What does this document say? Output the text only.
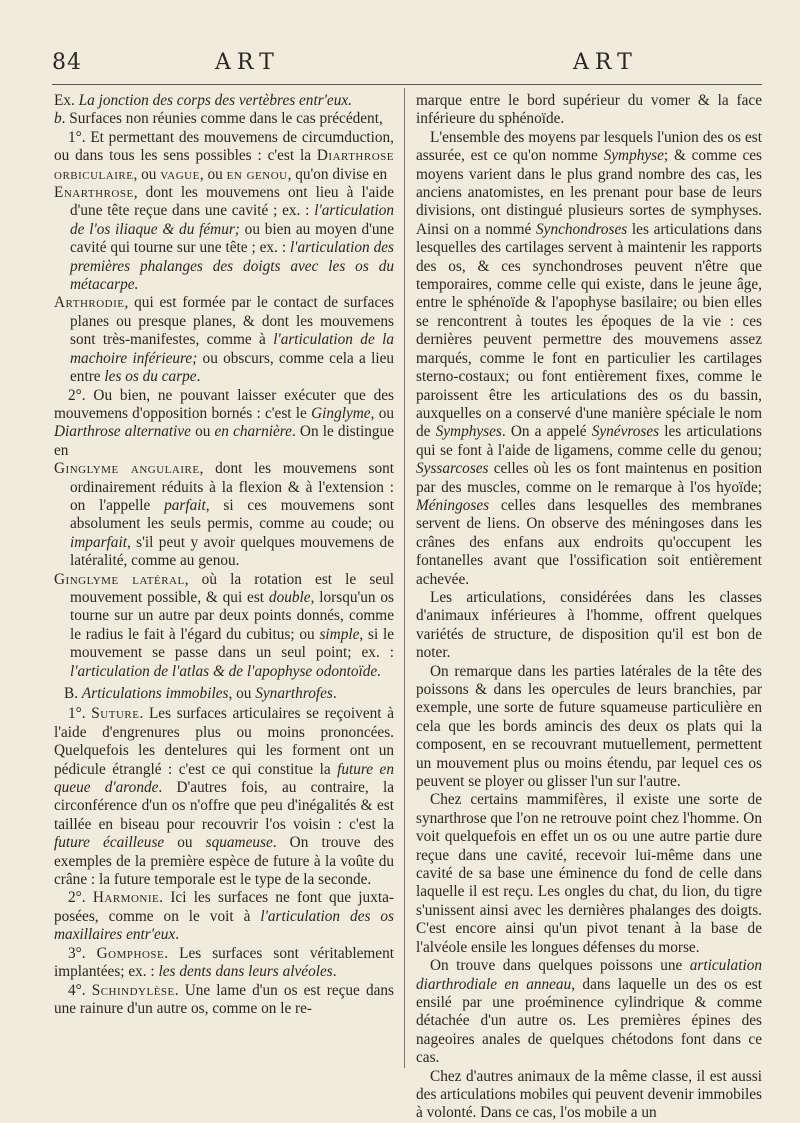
84	ART	ART

Ex. La jonction des corps des vertèbres entr'eux.

b. Surfaces non réunies comme dans le cas précédent,

1°. Et permettant des mouvemens de circumduction, ou dans tous les sens possibles : c'est la Diarthrose orbiculaire, ou vague, ou en genou, qu'on divise en

Enarthrose, dont les mouvemens ont lieu à l'aide d'une tête reçue dans une cavité ; ex. : l'articulation de l'os iliaque & du fémur; ou bien au moyen d'une cavité qui tourne sur une tête ; ex. : l'articulation des premières phalanges des doigts avec les os du métacarpe.

Arthrodie, qui est formée par le contact de surfaces planes ou presque planes, & dont les mouvemens sont très-manifestes, comme à l'articulation de la machoire inférieure; ou obscurs, comme cela a lieu entre les os du carpe.

2°. Ou bien, ne pouvant laisser exécuter que des mouvemens d'opposition bornés : c'est le Ginglyme, ou Diarthrose alternative ou en charnière. On le distingue en

Ginglyme angulaire, dont les mouvemens sont ordinairement réduits à la flexion & à l'extension : on l'appelle parfait, si ces mouvemens sont absolument les seuls permis, comme au coude; ou imparfait, s'il peut y avoir quelques mouvemens de latéralité, comme au genou.

Ginglyme latéral, où la rotation est le seul mouvement possible, & qui est double, lorsqu'un os tourne sur un autre par deux points donnés, comme le radius le fait à l'égard du cubitus; ou simple, si le mouvement se passe dans un seul point; ex. : l'articulation de l'atlas & de l'apophyse odontoïde.

B. Articulations immobiles, ou Synarthrofes.

1°. Suture. Les surfaces articulaires se reçoivent à l'aide d'engrenures plus ou moins prononcées. Quelquefois les dentelures qui les forment ont un pédicule étranglé : c'est ce qui constitue la future en queue d'aronde. D'autres fois, au contraire, la circonférence d'un os n'offre que peu d'inégalités & est taillée en biseau pour recouvrir l'os voisin : c'est la future écailleuse ou squameuse. On trouve des exemples de la première espèce de future à la voûte du crâne : la future temporale est le type de la seconde.

2°. Harmonie. Ici les surfaces ne font que juxta-posées, comme on le voit à l'articulation des os maxillaires entr'eux.

3°. Gomphose. Les surfaces sont véritablement implantées; ex. : les dents dans leurs alvéoles.

4°. Schindylèse. Une lame d'un os est reçue dans une rainure d'un autre os, comme on le re-

marque entre le bord supérieur du vomer & la face inférieure du sphénoïde.

L'ensemble des moyens par lesquels l'union des os est assurée, est ce qu'on nomme Symphyse; & comme ces moyens varient dans le plus grand nombre des cas, les anciens anatomistes, en les prenant pour base de leurs divisions, ont distingué plusieurs sortes de symphyses. Ainsi on a nommé Synchondroses les articulations dans lesquelles des cartilages servent à maintenir les rapports des os, & ces synchondroses peuvent n'être que temporaires, comme celle qui existe, dans le jeune âge, entre le sphénoïde & l'apophyse basilaire; ou bien elles se rencontrent à toutes les époques de la vie : ces dernières peuvent permettre des mouvemens assez marqués, comme le font en particulier les cartilages sterno-costaux; ou font entièrement fixes, comme le paroissent être les articulations des os du bassin, auxquelles on a conservé d'une manière spéciale le nom de Symphyses. On a appelé Synévroses les articulations qui se font à l'aide de ligamens, comme celle du genou; Syssarcoses celles où les os font maintenus en position par des muscles, comme on le remarque à l'os hyoïde; Méningoses celles dans lesquelles des membranes servent de liens. On observe des méningoses dans les crânes des enfans aux endroits qu'occupent les fontanelles avant que l'ossification soit entièrement achevée.

Les articulations, considérées dans les classes d'animaux inférieures à l'homme, offrent quelques variétés de structure, de disposition qu'il est bon de noter.

On remarque dans les parties latérales de la tête des poissons & dans les opercules de leurs branchies, par exemple, une sorte de future squameuse particulière en cela que les bords amincis des deux os plats qui la composent, en se recouvrant mutuellement, permettent un mouvement plus ou moins étendu, par lequel ces os peuvent se ployer ou glisser l'un sur l'autre.

Chez certains mammifères, il existe une sorte de synarthrose que l'on ne retrouve point chez l'homme. On voit quelquefois en effet un os ou une autre partie dure reçue dans une cavité, recevoir lui-même dans une cavité de sa base une éminence du fond de celle dans laquelle il est reçu. Les ongles du chat, du lion, du tigre s'unissent ainsi avec les dernières phalanges des doigts. C'est encore ainsi qu'un pivot tenant à la base de l'alvéole ensile les longues défenses du morse.

On trouve dans quelques poissons une articulation diarthrodiale en anneau, dans laquelle un des os est ensilé par une proéminence cylindrique & comme détachée d'un autre os. Les premières épines des nageoires anales de quelques chétodons font dans ce cas.

Chez d'autres animaux de la même classe, il est aussi des articulations mobiles qui peuvent devenir immobiles à volonté. Dans ce cas, l'os mobile a un
